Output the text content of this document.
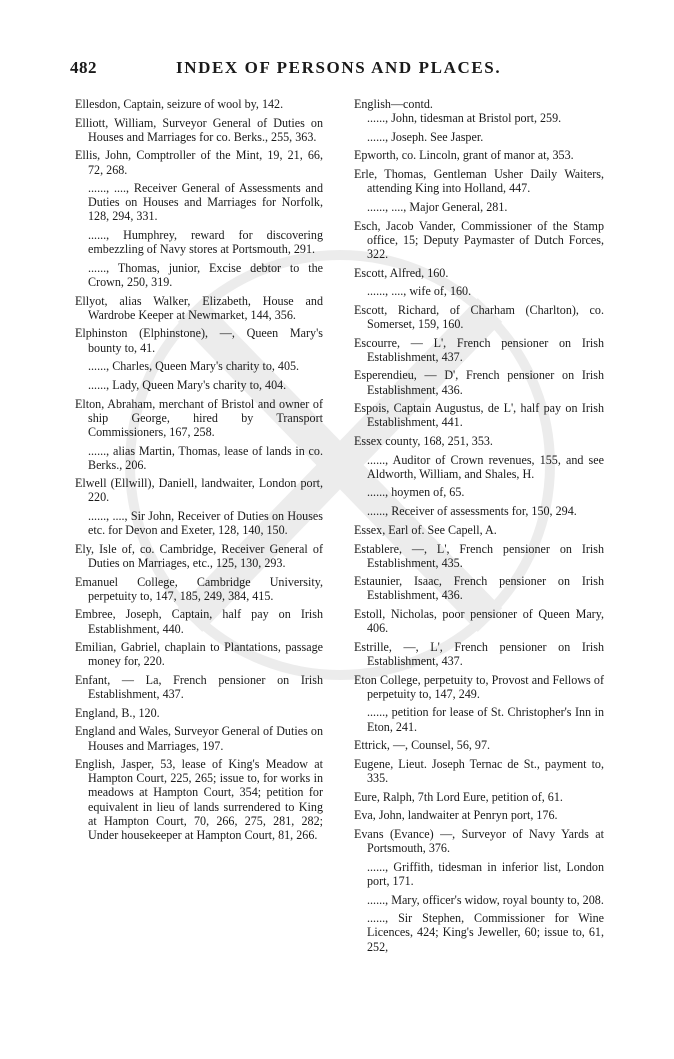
482	INDEX OF PERSONS AND PLACES.

Ellesdon, Captain, seizure of wool by, 142.

Elliott, William, Surveyor General of Duties on Houses and Marriages for co. Berks., 255, 363.

Ellis, John, Comptroller of the Mint, 19, 21, 66, 72, 268.

......, ...., Receiver General of Assessments and Duties on Houses and Marriages for Norfolk, 128, 294, 331.

......, Humphrey, reward for discovering embezzling of Navy stores at Portsmouth, 291.

......, Thomas, junior, Excise debtor to the Crown, 250, 319.

Ellyot, alias Walker, Elizabeth, House and Wardrobe Keeper at Newmarket, 144, 356.

Elphinston (Elphinstone), —, Queen Mary's bounty to, 41.

......, Charles, Queen Mary's charity to, 405.

......, Lady, Queen Mary's charity to, 404.

Elton, Abraham, merchant of Bristol and owner of ship George, hired by Transport Commissioners, 167, 258.

......, alias Martin, Thomas, lease of lands in co. Berks., 206.

Elwell (Ellwill), Daniell, landwaiter, London port, 220.

......, ...., Sir John, Receiver of Duties on Houses etc. for Devon and Exeter, 128, 140, 150.

Ely, Isle of, co. Cambridge, Receiver General of Duties on Marriages, etc., 125, 130, 293.

Emanuel College, Cambridge University, perpetuity to, 147, 185, 249, 384, 415.

Embree, Joseph, Captain, half pay on Irish Establishment, 440.

Emilian, Gabriel, chaplain to Plantations, passage money for, 220.

Enfant, — La, French pensioner on Irish Establishment, 437.

England, B., 120.

England and Wales, Surveyor General of Duties on Houses and Marriages, 197.

English, Jasper, 53, lease of King's Meadow at Hampton Court, 225, 265; issue to, for works in meadows at Hampton Court, 354; petition for equivalent in lieu of lands surrendered to King at Hampton Court, 70, 266, 275, 281, 282; Under housekeeper at Hampton Court, 81, 266.

English—contd.

......, John, tidesman at Bristol port, 259.

......, Joseph. See Jasper.

Epworth, co. Lincoln, grant of manor at, 353.

Erle, Thomas, Gentleman Usher Daily Waiters, attending King into Holland, 447.

......, ...., Major General, 281.

Esch, Jacob Vander, Commissioner of the Stamp office, 15; Deputy Paymaster of Dutch Forces, 322.

Escott, Alfred, 160.

......, ...., wife of, 160.

Escott, Richard, of Charham (Charlton), co. Somerset, 159, 160.

Escourre, — L', French pensioner on Irish Establishment, 437.

Esperendieu, — D', French pensioner on Irish Establishment, 436.

Espois, Captain Augustus, de L', half pay on Irish Establishment, 441.

Essex county, 168, 251, 353.

......, Auditor of Crown revenues, 155, and see Aldworth, William, and Shales, H.

......, hoymen of, 65.

......, Receiver of assessments for, 150, 294.

Essex, Earl of. See Capell, A.

Establere, —, L', French pensioner on Irish Establishment, 435.

Estaunier, Isaac, French pensioner on Irish Establishment, 436.

Estoll, Nicholas, poor pensioner of Queen Mary, 406.

Estrille, —, L', French pensioner on Irish Establishment, 437.

Eton College, perpetuity to, Provost and Fellows of perpetuity to, 147, 249.

......, petition for lease of St. Christopher's Inn in Eton, 241.

Ettrick, —, Counsel, 56, 97.

Eugene, Lieut. Joseph Ternac de St., payment to, 335.

Eure, Ralph, 7th Lord Eure, petition of, 61.

Eva, John, landwaiter at Penryn port, 176.

Evans (Evance) —, Surveyor of Navy Yards at Portsmouth, 376.

......, Griffith, tidesman in inferior list, London port, 171.

......, Mary, officer's widow, royal bounty to, 208.

......, Sir Stephen, Commissioner for Wine Licences, 424; King's Jeweller, 60; issue to, 61, 252,
